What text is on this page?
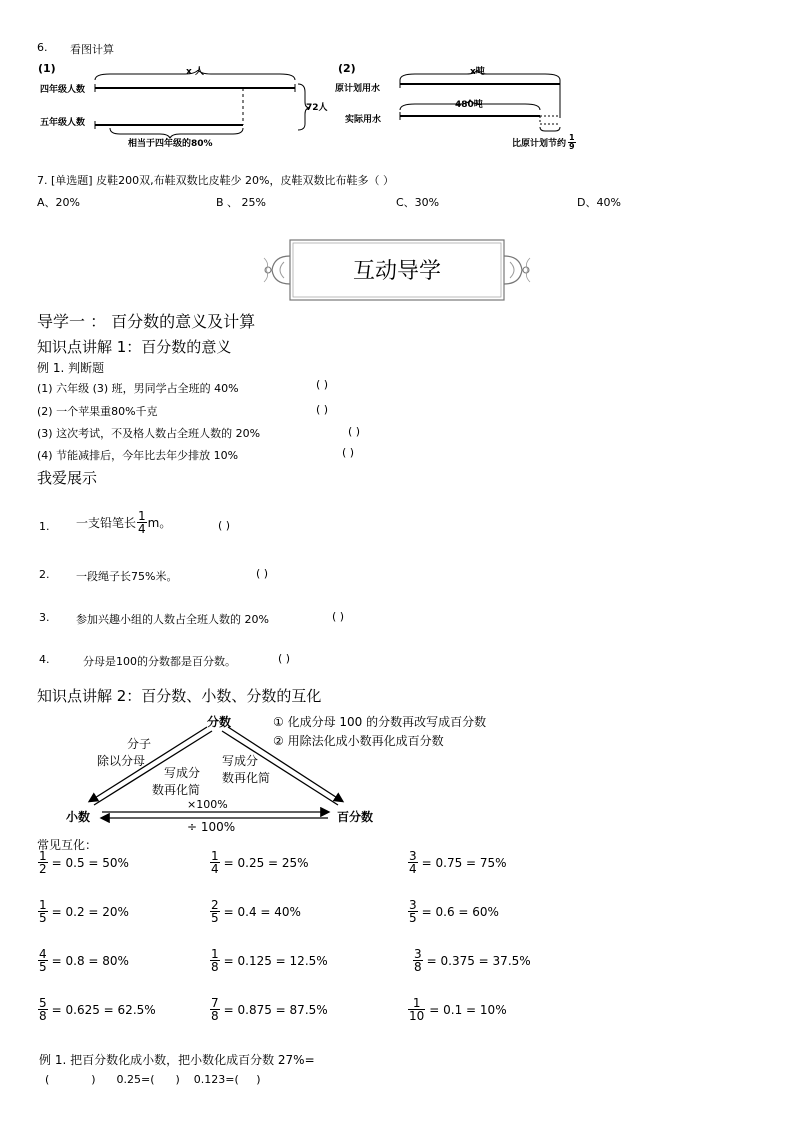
6. 看图计算
(1)
四年级人数
五年级人数
x 人
72人
相当于四年级的80%
(2)
原计划用水
实际用水
x吨
480吨
比原计划节约 $\frac{1}{9}$
7. [单选题] 皮鞋200双,布鞋双数比皮鞋少 20%，皮鞋双数比布鞋多（ ）
A、20%	B 、 25%	C、30%	D、40%
互动导学
导学一 ： 百分数的意义及计算
知识点讲解 1：百分数的意义
例 1. 判断题
(1) 六年级 (3) 班，男同学占全班的 40%	( )
(2) 一个苹果重80%千克	( )
(3) 这次考试，不及格人数占全班人数的 20%	( )
(4) 节能减排后，今年比去年少排放 10%	( )
我爱展示
1. 一支铅笔长 $\frac{1}{4}$ m。	( )
2. 一段绳子长75%米。	( )
3. 参加兴趣小组的人数占全班人数的 20%	( )
4.	分母是100的分数都是百分数。	( )
知识点讲解 2：百分数、小数、分数的互化
分数
小数	百分数
分子
除以分母
写成分
数再化简
写成分
数再化简
×100%
÷ 100%
① 化成分母 100 的分数再改写成百分数
② 用除法化成小数再化成百分数
常见互化：
$\frac{1}{2} = 0.5 = 50\%$	$\frac{1}{4} = 0.25 = 25\%$	$\frac{3}{4} = 0.75 = 75\%$
$\frac{1}{5} = 0.2 = 20\%$	$\frac{2}{5} = 0.4 = 40\%$	$\frac{3}{5} = 0.6 = 60\%$
$\frac{4}{5} = 0.8 = 80\%$	$\frac{1}{8} = 0.125 = 12.5\%$	$\frac{3}{8} = 0.375 = 37.5\%$
$\frac{5}{8} = 0.625 = 62.5\%$	$\frac{7}{8} = 0.875 = 87.5\%$	$\frac{1}{10} = 0.1 = 10\%$
例 1. 把百分数化成小数，把小数化成百分数 27%=
(            )      0.25=(      )    0.123=(     )
